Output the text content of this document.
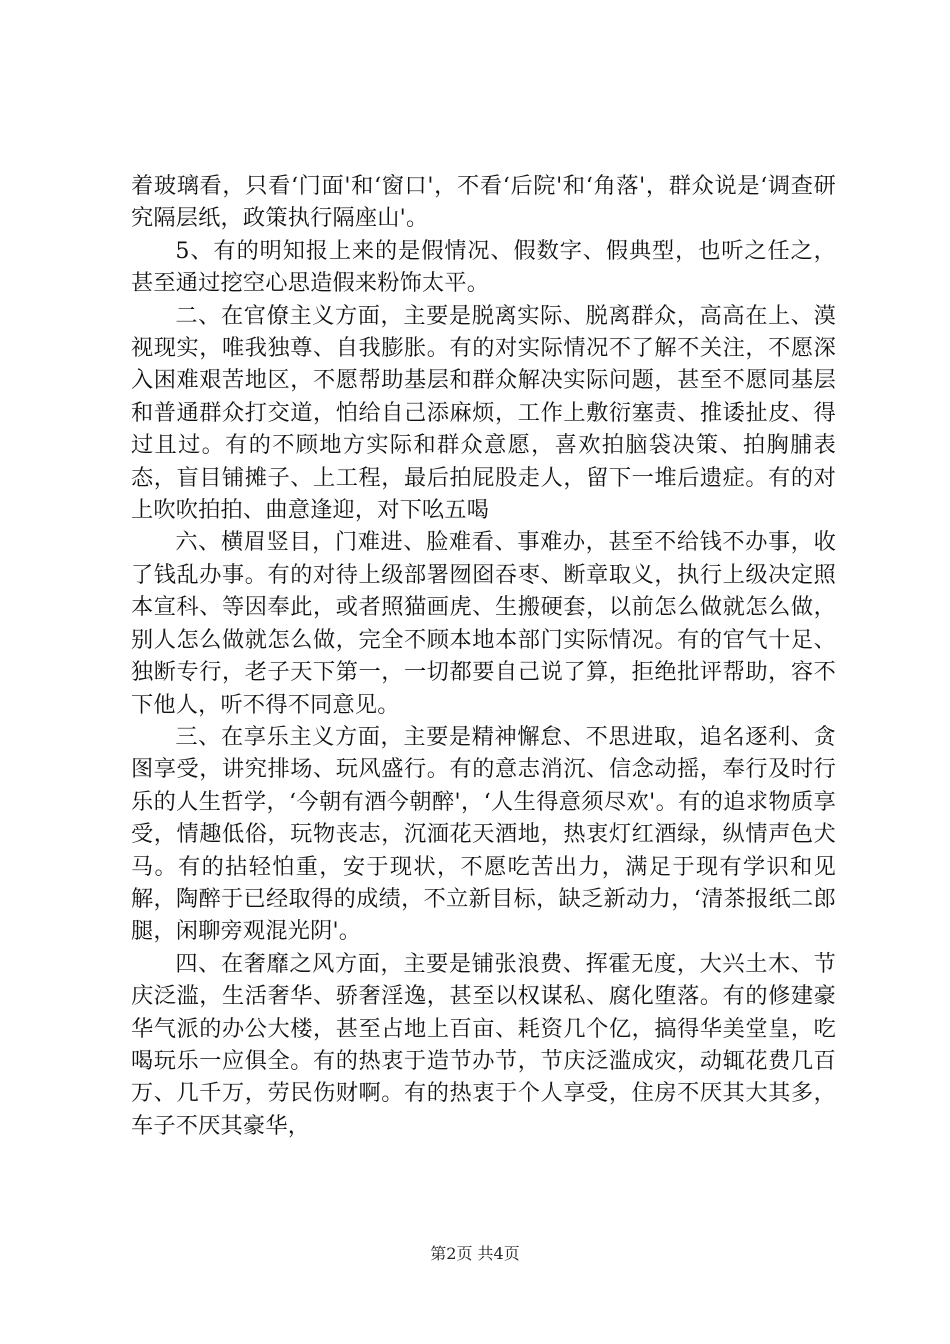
着玻璃看，只看‘门面'和‘窗口'，不看‘后院'和‘角落'，群众说是‘调查研究隔层纸，政策执行隔座山'。

5、有的明知报上来的是假情况、假数字、假典型，也听之任之，甚至通过挖空心思造假来粉饰太平。

二、在官僚主义方面，主要是脱离实际、脱离群众，高高在上、漠视现实，唯我独尊、自我膨胀。有的对实际情况不了解不关注，不愿深入困难艰苦地区，不愿帮助基层和群众解决实际问题，甚至不愿同基层和普通群众打交道，怕给自己添麻烦，工作上敷衍塞责、推诿扯皮、得过且过。有的不顾地方实际和群众意愿，喜欢拍脑袋决策、拍胸脯表态，盲目铺摊子、上工程，最后拍屁股走人，留下一堆后遗症。有的对上吹吹拍拍、曲意逢迎，对下吆五喝

六、横眉竖目，门难进、脸难看、事难办，甚至不给钱不办事，收了钱乱办事。有的对待上级部署囫囵吞枣、断章取义，执行上级决定照本宣科、等因奉此，或者照猫画虎、生搬硬套，以前怎么做就怎么做，别人怎么做就怎么做，完全不顾本地本部门实际情况。有的官气十足、独断专行，老子天下第一，一切都要自己说了算，拒绝批评帮助，容不下他人，听不得不同意见。

三、在享乐主义方面，主要是精神懈怠、不思进取，追名逐利、贪图享受，讲究排场、玩风盛行。有的意志消沉、信念动摇，奉行及时行乐的人生哲学，‘今朝有酒今朝醉'，‘人生得意须尽欢'。有的追求物质享受，情趣低俗，玩物丧志，沉湎花天酒地，热衷灯红酒绿，纵情声色犬马。有的拈轻怕重，安于现状，不愿吃苦出力，满足于现有学识和见解，陶醉于已经取得的成绩，不立新目标，缺乏新动力，‘清茶报纸二郎腿，闲聊旁观混光阴'。

四、在奢靡之风方面，主要是铺张浪费、挥霍无度，大兴土木、节庆泛滥，生活奢华、骄奢淫逸，甚至以权谋私、腐化堕落。有的修建豪华气派的办公大楼，甚至占地上百亩、耗资几个亿，搞得华美堂皇，吃喝玩乐一应俱全。有的热衷于造节办节，节庆泛滥成灾，动辄花费几百万、几千万，劳民伤财啊。有的热衷于个人享受，住房不厌其大其多，车子不厌其豪华，

第2页 共4页
